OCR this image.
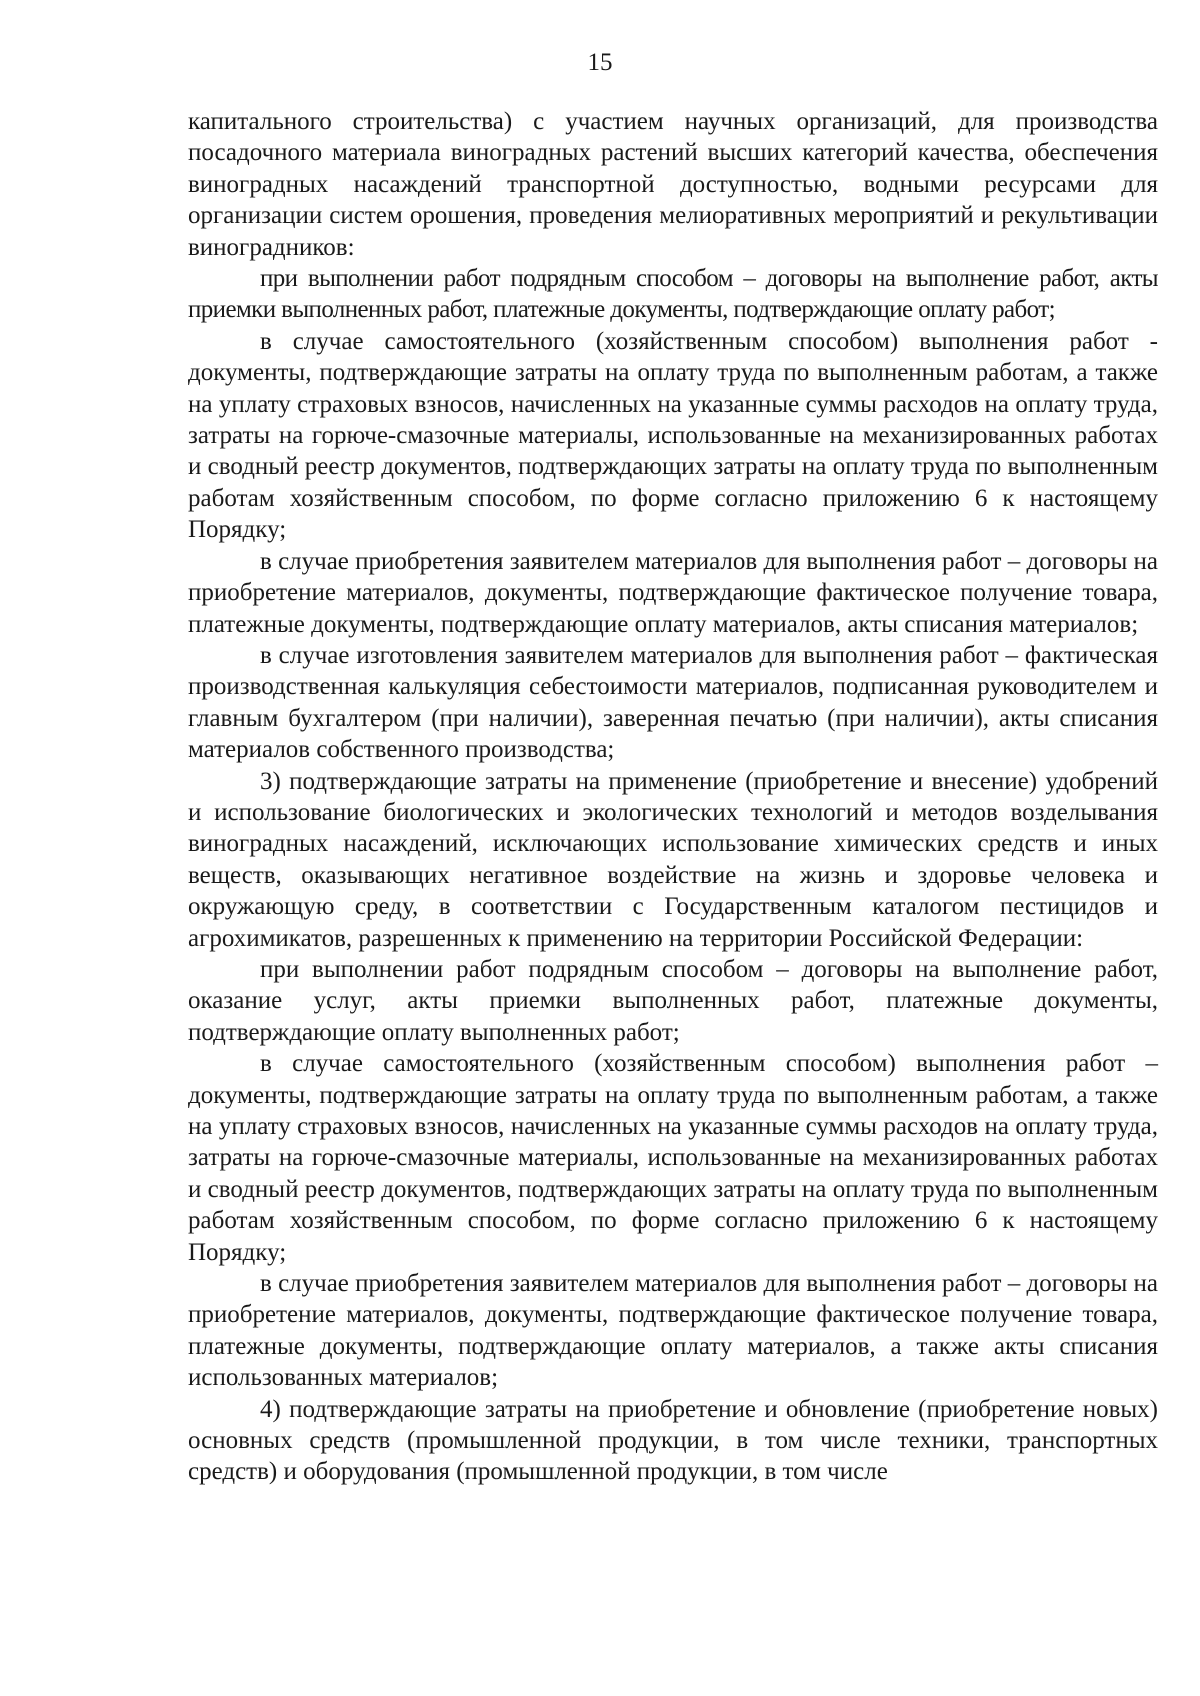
15

капитального строительства) с участием научных организаций, для производства посадочного материала виноградных растений высших категорий качества, обеспечения виноградных насаждений транспортной доступностью, водными ресурсами для организации систем орошения, проведения мелиоративных мероприятий и рекультивации виноградников:

при выполнении работ подрядным способом – договоры на выполнение работ, акты приемки выполненных работ, платежные документы, подтверждающие оплату работ;

в случае самостоятельного (хозяйственным способом) выполнения работ - документы, подтверждающие затраты на оплату труда по выполненным работам, а также на уплату страховых взносов, начисленных на указанные суммы расходов на оплату труда, затраты на горюче-смазочные материалы, использованные на механизированных работах и сводный реестр документов, подтверждающих затраты на оплату труда по выполненным работам хозяйственным способом, по форме согласно приложению 6 к настоящему Порядку;

в случае приобретения заявителем материалов для выполнения работ – договоры на приобретение материалов, документы, подтверждающие фактическое получение товара, платежные документы, подтверждающие оплату материалов, акты списания материалов;

в случае изготовления заявителем материалов для выполнения работ – фактическая производственная калькуляция себестоимости материалов, подписанная руководителем и главным бухгалтером (при наличии), заверенная печатью (при наличии), акты списания материалов собственного производства;

3) подтверждающие затраты на применение (приобретение и внесение) удобрений и использование биологических и экологических технологий и методов возделывания виноградных насаждений, исключающих использование химических средств и иных веществ, оказывающих негативное воздействие на жизнь и здоровье человека и окружающую среду, в соответствии с Государственным каталогом пестицидов и агрохимикатов, разрешенных к применению на территории Российской Федерации:

при выполнении работ подрядным способом – договоры на выполнение работ, оказание услуг, акты приемки выполненных работ, платежные документы, подтверждающие оплату выполненных работ;

в случае самостоятельного (хозяйственным способом) выполнения работ – документы, подтверждающие затраты на оплату труда по выполненным работам, а также на уплату страховых взносов, начисленных на указанные суммы расходов на оплату труда, затраты на горюче-смазочные материалы, использованные на механизированных работах и сводный реестр документов, подтверждающих затраты на оплату труда по выполненным работам хозяйственным способом, по форме согласно приложению 6 к настоящему Порядку;

в случае приобретения заявителем материалов для выполнения работ – договоры на приобретение материалов, документы, подтверждающие фактическое получение товара, платежные документы, подтверждающие оплату материалов, а также акты списания использованных материалов;

4) подтверждающие затраты на приобретение и обновление (приобретение новых) основных средств (промышленной продукции, в том числе техники, транспортных средств) и оборудования (промышленной продукции, в том числе
